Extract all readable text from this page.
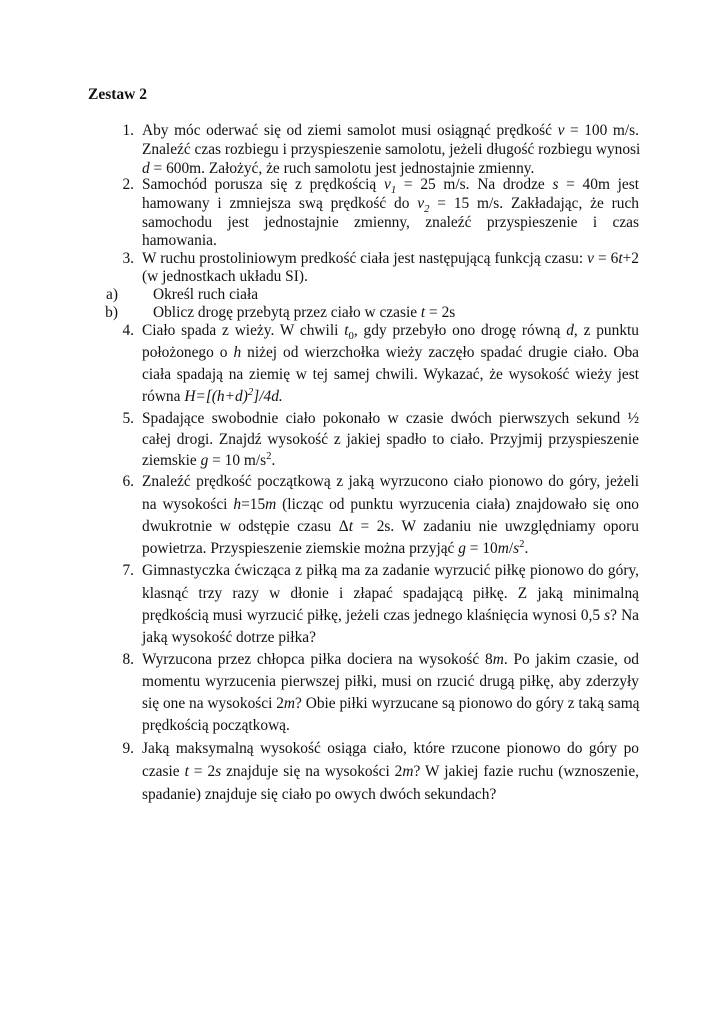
Zestaw 2
1. Aby móc oderwać się od ziemi samolot musi osiągnąć prędkość v = 100 m/s.
Znaleźć czas rozbiegu i przyspieszenie samolotu, jeżeli długość rozbiegu wynosi
d = 600m. Założyć, że ruch samolotu jest jednostajnie zmienny.
2. Samochód porusza się z prędkością $v_1 = 25$ m/s. Na drodze s = 40m jest
hamowany i zmniejsza swą prędkość do $v_2 = 15$ m/s. Zakładając, że ruch
samochodu jest jednostajnie zmienny, znaleźć przyspieszenie i czas
hamowania.
3. W ruchu prostoliniowym predkość ciała jest następującą funkcją czasu: v = 6t+2
(w jednostkach układu SI).
a) Określ ruch ciała
b) Oblicz drogę przebytą przez ciało w czasie t = 2s
4. Ciało spada z wieży. W chwili $t_0$, gdy przebyło ono drogę równą d, z punktu
położonego o h niżej od wierzchołka wieży zaczęło spadać drugie ciało. Oba
ciała spadają na ziemię w tej samej chwili. Wykazać, że wysokość wieży jest
równa $H=[(h+d)^2]/4d$.
5. Spadające swobodnie ciało pokonało w czasie dwóch pierwszych sekund ½
całej drogi. Znajdź wysokość z jakiej spadło to ciało. Przyjmij przyspieszenie
ziemskie g = 10 $m/s^2$.
6. Znaleźć prędkość początkową z jaką wyrzucono ciało pionowo do góry, jeżeli
na wysokości h=15m (licząc od punktu wyrzucenia ciała) znajdowało się ono
dwukrotnie w odstępie czasu Δt = 2s. W zadaniu nie uwzględniamy oporu
powietrza. Przyspieszenie ziemskie można przyjąć $g = 10m/s^2$.
7. Gimnastyczka ćwicząca z piłką ma za zadanie wyrzucić piłkę pionowo do góry,
klasnąć trzy razy w dłonie i złapać spadającą piłkę. Z jaką minimalną
prędkością musi wyrzucić piłkę, jeżeli czas jednego klaśnięcia wynosi 0,5 s? Na
jaką wysokość dotrze piłka?
8. Wyrzucona przez chłopca piłka dociera na wysokość 8m. Po jakim czasie, od
momentu wyrzucenia pierwszej piłki, musi on rzucić drugą piłkę, aby zderzyły
się one na wysokości 2m? Obie piłki wyrzucane są pionowo do góry z taką samą
prędkością początkową.
9. Jaką maksymalną wysokość osiąga ciało, które rzucone pionowo do góry po
czasie t = 2s znajduje się na wysokości 2m? W jakiej fazie ruchu (wznoszenie,
spadanie) znajduje się ciało po owych dwóch sekundach?
